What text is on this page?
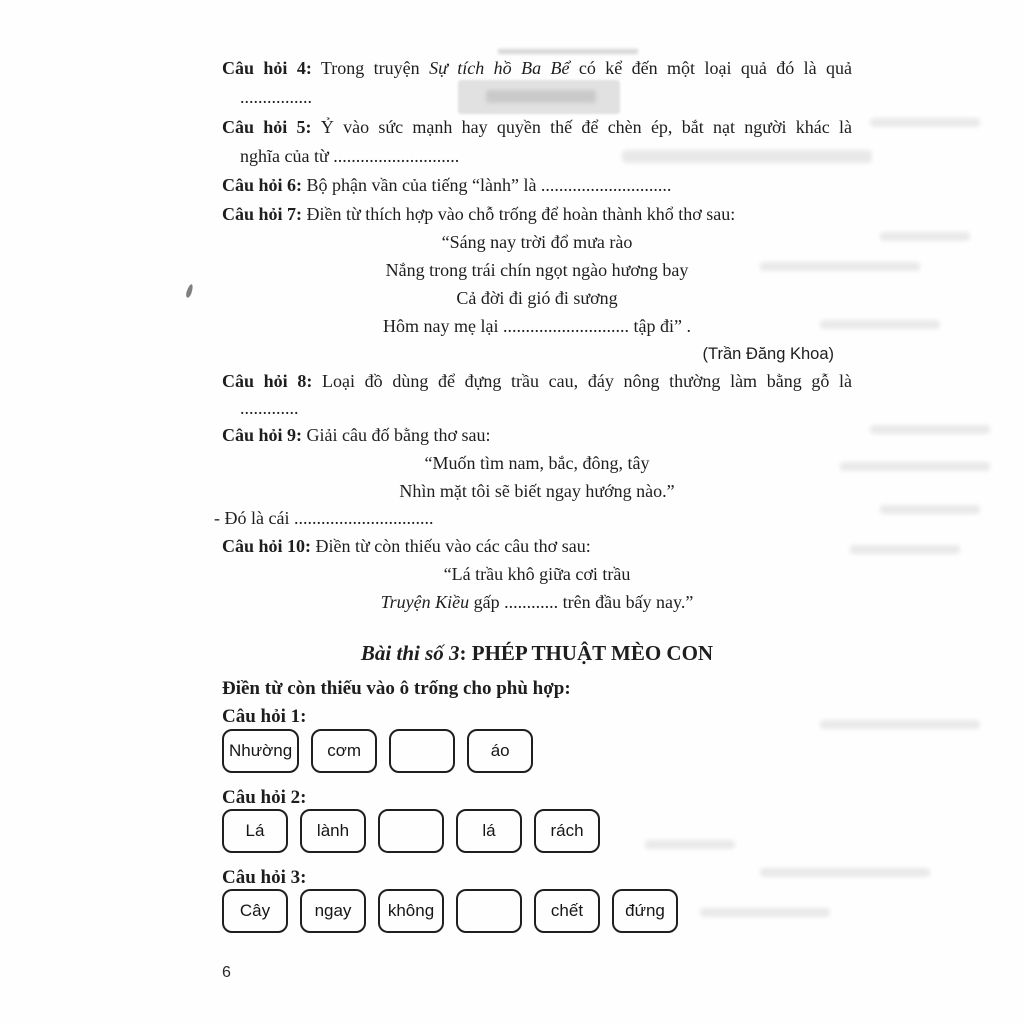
Câu hỏi 4: Trong truyện Sự tích hồ Ba Bể có kể đến một loại quả đó là quả
................
Câu hỏi 5: Ỷ vào sức mạnh hay quyền thế để chèn ép, bắt nạt người khác là
nghĩa của từ ............................
Câu hỏi 6: Bộ phận vần của tiếng “lành” là .............................
Câu hỏi 7: Điền từ thích hợp vào chỗ trống để hoàn thành khổ thơ sau:
“Sáng nay trời đổ mưa rào
Nắng trong trái chín ngọt ngào hương bay
Cả đời đi gió đi sương
Hôm nay mẹ lại ............................ tập đi” .
(Trần Đăng Khoa)
Câu hỏi 8: Loại đồ dùng để đựng trầu cau, đáy nông thường làm bằng gỗ là
.............
Câu hỏi 9: Giải câu đố bằng thơ sau:
“Muốn tìm nam, bắc, đông, tây
Nhìn mặt tôi sẽ biết ngay hướng nào.”
- Đó là cái ...............................
Câu hỏi 10: Điền từ còn thiếu vào các câu thơ sau:
“Lá trầu khô giữa cơi trầu
Truyện Kiều gấp ............ trên đầu bấy nay.”
Bài thi số 3: PHÉP THUẬT MÈO CON
Điền từ còn thiếu vào ô trống cho phù hợp:
Câu hỏi 1:
Nhường	cơm	áo
Câu hỏi 2:
Lá	lành	lá	rách
Câu hỏi 3:
Cây	ngay	không	chết	đứng
6
